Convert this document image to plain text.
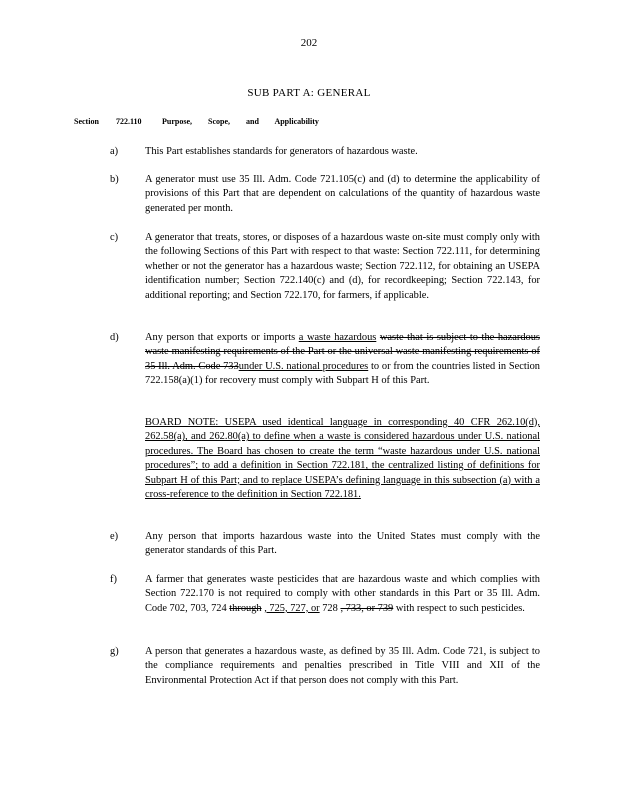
202
SUB PART A: GENERAL
Section 722.110	Purpose, Scope, and Applicability
a)	This Part establishes standards for generators of hazardous waste.
b)	A generator must use 35 Ill. Adm. Code 721.105(c) and (d) to determine the applicability of provisions of this Part that are dependent on calculations of the quantity of hazardous waste generated per month.
c)	A generator that treats, stores, or disposes of a hazardous waste on-site must comply only with the following Sections of this Part with respect to that waste: Section 722.111, for determining whether or not the generator has a hazardous waste; Section 722.112, for obtaining an USEPA identification number; Section 722.140(c) and (d), for recordkeeping; Section 722.143, for additional reporting; and Section 722.170, for farmers, if applicable.
d)	Any person that exports or imports a waste hazardous waste that is subject to the hazardous waste manifesting requirements of the Part or the universal waste manifesting requirements of 35 Ill. Adm. Code 733under U.S. national procedures to or from the countries listed in Section 722.158(a)(1) for recovery must comply with Subpart H of this Part.
BOARD NOTE: USEPA used identical language in corresponding 40 CFR 262.10(d), 262.58(a), and 262.80(a) to define when a waste is considered hazardous under U.S. national procedures. The Board has chosen to create the term “waste hazardous under U.S. national procedures”; to add a definition in Section 722.181, the centralized listing of definitions for Subpart H of this Part; and to replace USEPA’s defining language in this subsection (a) with a cross-reference to the definition in Section 722.181.
e)	Any person that imports hazardous waste into the United States must comply with the generator standards of this Part.
f)	A farmer that generates waste pesticides that are hazardous waste and which complies with Section 722.170 is not required to comply with other standards in this Part or 35 Ill. Adm. Code 702, 703, 724 through , 725, 727, or 728 , 733, or 739 with respect to such pesticides.
g)	A person that generates a hazardous waste, as defined by 35 Ill. Adm. Code 721, is subject to the compliance requirements and penalties prescribed in Title VIII and XII of the Environmental Protection Act if that person does not comply with this Part.
